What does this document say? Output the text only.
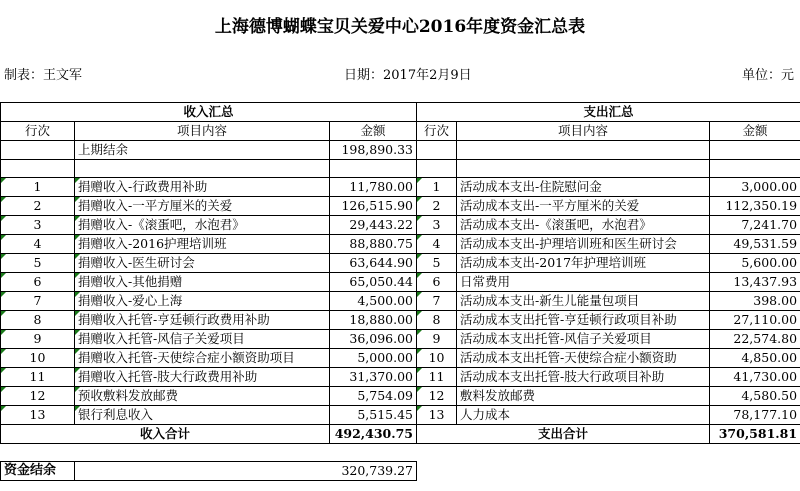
上海德博蝴蝶宝贝关爱中心2016年度资金汇总表
制表：王文军	日期：2017年2月9日	单位：元
收入汇总			支出汇总		
行次	项目内容	金额	行次	项目内容	金额
	上期结余	198,890.33			

1	捐赠收入-行政费用补助	11,780.00	1	活动成本支出-住院慰问金	3,000.00
2	捐赠收入-一平方厘米的关爱	126,515.90	2	活动成本支出-一平方厘米的关爱	112,350.19
3	捐赠收入-《滚蛋吧，水泡君》	29,443.22	3	活动成本支出-《滚蛋吧，水泡君》	7,241.70
4	捐赠收入-2016护理培训班	88,880.75	4	活动成本支出-护理培训班和医生研讨会	49,531.59
5	捐赠收入-医生研讨会	63,644.90	5	活动成本支出-2017年护理培训班	5,600.00
6	捐赠收入-其他捐赠	65,050.44	6	日常费用	13,437.93
7	捐赠收入-爱心上海	4,500.00	7	活动成本支出-新生儿能量包项目	398.00
8	捐赠收入托管-亨廷顿行政费用补助	18,880.00	8	活动成本支出托管-亨廷顿行政项目补助	27,110.00
9	捐赠收入托管-风信子关爱项目	36,096.00	9	活动成本支出托管-风信子关爱项目	22,574.80
10	捐赠收入托管-天使综合症小额资助项目	5,000.00	10	活动成本支出托管-天使综合症小额资助	4,850.00
11	捐赠收入托管-肢大行政费用补助	31,370.00	11	活动成本支出托管-肢大行政项目补助	41,730.00
12	预收敷料发放邮费	5,754.09	12	敷料发放邮费	4,580.50
13	银行利息收入	5,515.45	13	人力成本	78,177.10
收入合计		492,430.75	支出合计		370,581.81

资金结余		320,739.27			
